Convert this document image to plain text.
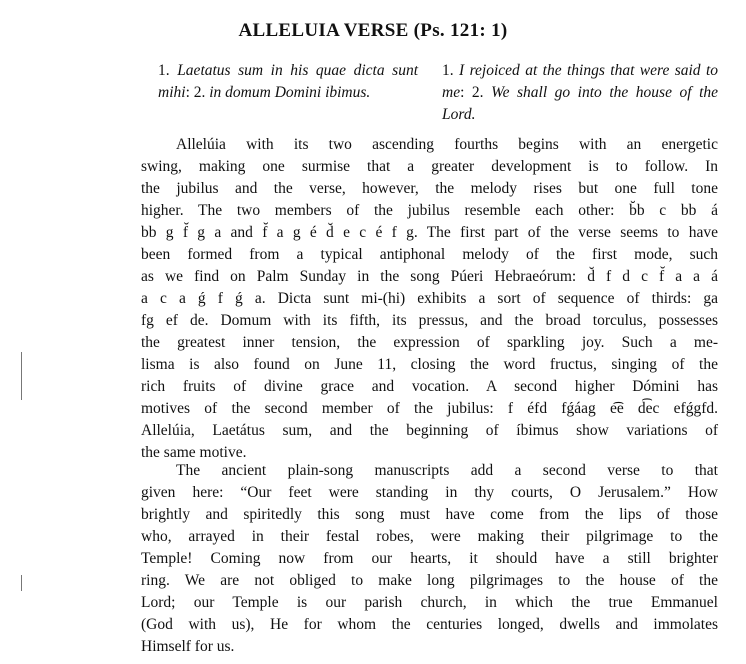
ALLELUIA VERSE (Ps. 121: 1)
1. Laetatus sum in his quae dicta sunt mihi: 2. in domum Domini ibimus.
1. I rejoiced at the things that were said to me: 2. We shall go into the house of the Lord.
Allelúia with its two ascending fourths begins with an energetic
swing, making one surmise that a greater development is to follow. In
the jubilus and the verse, however, the melody rises but one full tone
higher. The two members of the jubilus resemble each other: b̆b c bb á
bb g f̆ g a and f̆ a g é d̆ e c é f g. The first part of the verse seems to have
been formed from a typical antiphonal melody of the first mode, such
as we find on Palm Sunday in the song Púeri Hebraeórum: d̆ f d c f̆ a a á
a c a ǵ f ǵ a. Dicta sunt mi-(hi) exhibits a sort of sequence of thirds: ga
fg ef de. Domum with its fifth, its pressus, and the broad torculus, possesses
the greatest inner tension, the expression of sparkling joy. Such a me-
lisma is also found on June 11, closing the word fructus, singing of the
rich fruits of divine grace and vocation. A second higher Dómini has
motives of the second member of the jubilus: f éfd fǵáag e͡e d͡ec efǵgfd.
Allelúia, Laetátus sum, and the beginning of íbimus show variations of
the same motive.
The ancient plain-song manuscripts add a second verse to that
given here: “Our feet were standing in thy courts, O Jerusalem.” How
brightly and spiritedly this song must have come from the lips of those
who, arrayed in their festal robes, were making their pilgrimage to the
Temple! Coming now from our hearts, it should have a still brighter
ring. We are not obliged to make long pilgrimages to the house of the
Lord; our Temple is our parish church, in which the true Emmanuel
(God with us), He for whom the centuries longed, dwells and immolates
Himself for us.
